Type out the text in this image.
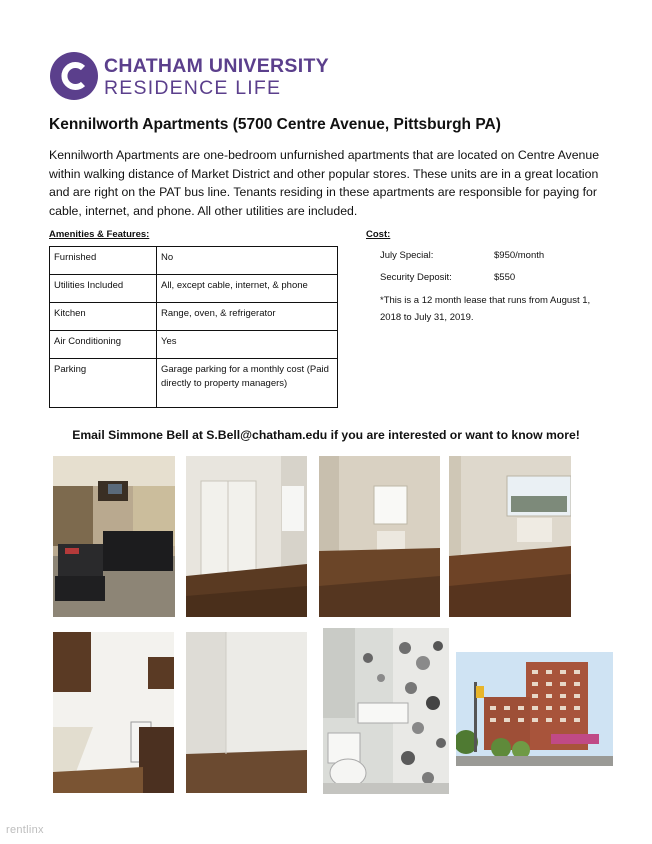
CHATHAM UNIVERSITY
RESIDENCE LIFE
Kennilworth Apartments (5700 Centre Avenue, Pittsburgh PA)

Kennilworth Apartments are one-bedroom unfurnished apartments that are located on Centre Avenue within walking distance of Market District and other popular stores. These units are in a great location and are right on the PAT bus line. Tenants residing in these apartments are responsible for paying for cable, internet, and phone. All other utilities are included.

Amenities & Features:
Furnished	No
Utilities Included	All, except cable, internet, & phone
Kitchen	Range, oven, & refrigerator
Air Conditioning	Yes
Parking	Garage parking for a monthly cost (Paid directly to property managers)
Cost:
July Special:	$950/month
Security Deposit:	$550
*This is a 12 month lease that runs from August 1, 2018 to July 31, 2019.
Email Simmone Bell at S.Bell@chatham.edu if you are interested or want to know more!
rentlinx
